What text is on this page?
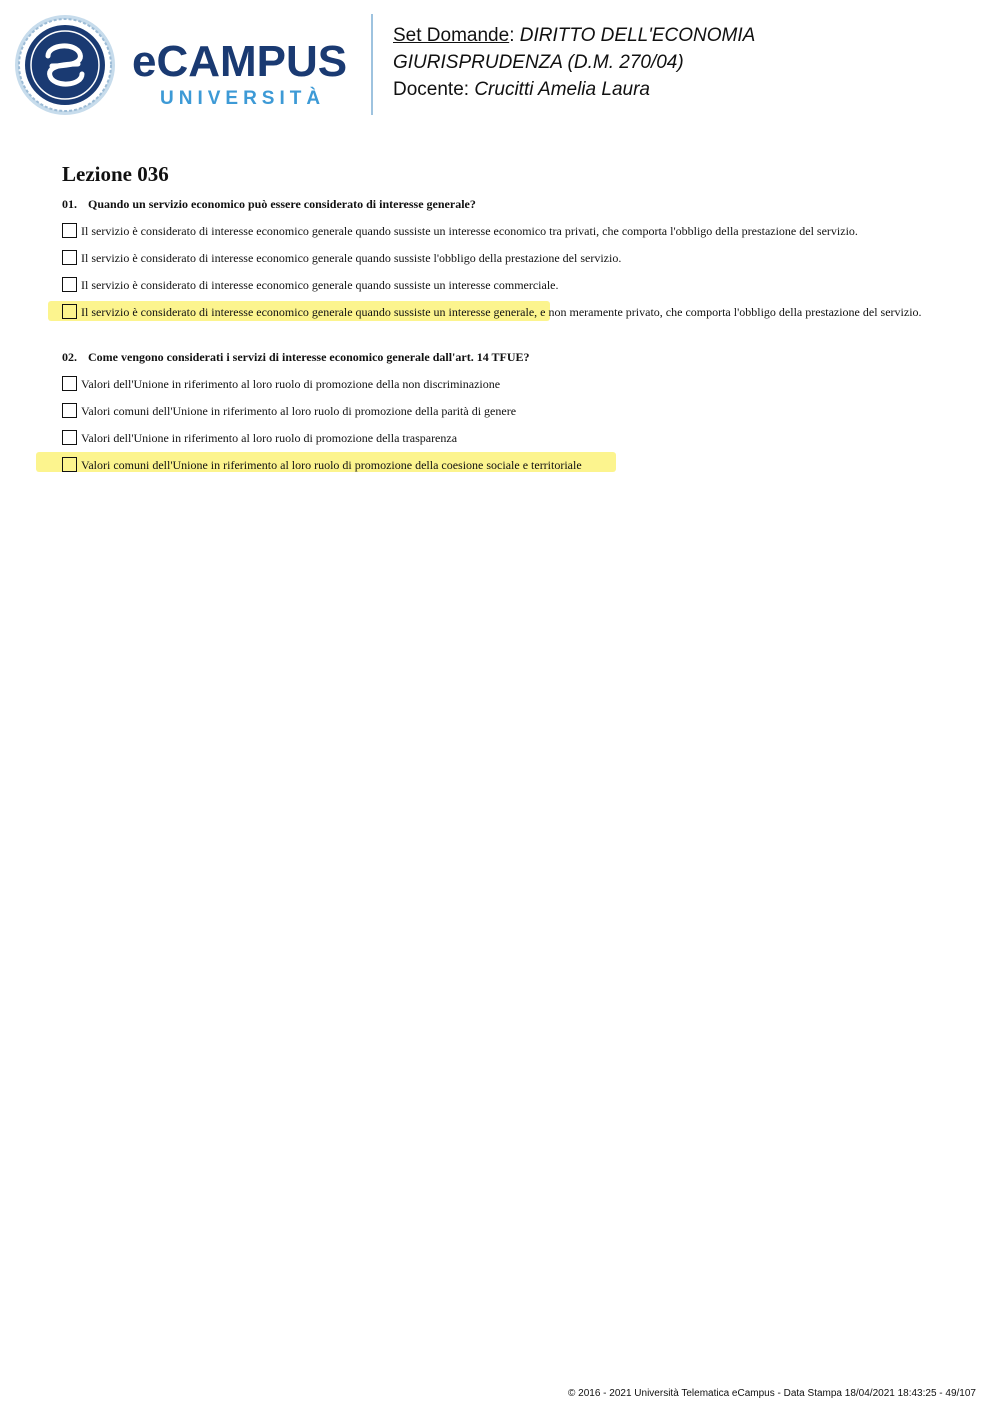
eCAMPUS
UNIVERSITÀ
Set Domande: DIRITTO DELL'ECONOMIA
GIURISPRUDENZA (D.M. 270/04)
Docente: Crucitti Amelia Laura
Lezione 036
01. Quando un servizio economico può essere considerato di interesse generale?
Il servizio è considerato di interesse economico generale quando sussiste un interesse economico tra privati, che comporta l'obbligo della prestazione del servizio.
Il servizio è considerato di interesse economico generale quando sussiste l'obbligo della prestazione del servizio.
Il servizio è considerato di interesse economico generale quando sussiste un interesse commerciale.
Il servizio è considerato di interesse economico generale quando sussiste un interesse generale, e non meramente privato, che comporta l'obbligo della prestazione del servizio.
02. Come vengono considerati i servizi di interesse economico generale dall'art. 14 TFUE?
Valori dell'Unione in riferimento al loro ruolo di promozione della non discriminazione
Valori comuni dell'Unione in riferimento al loro ruolo di promozione della parità di genere
Valori dell'Unione in riferimento al loro ruolo di promozione della trasparenza
Valori comuni dell'Unione in riferimento al loro ruolo di promozione della coesione sociale e territoriale
© 2016 - 2021 Università Telematica eCampus - Data Stampa 18/04/2021 18:43:25 - 49/107
